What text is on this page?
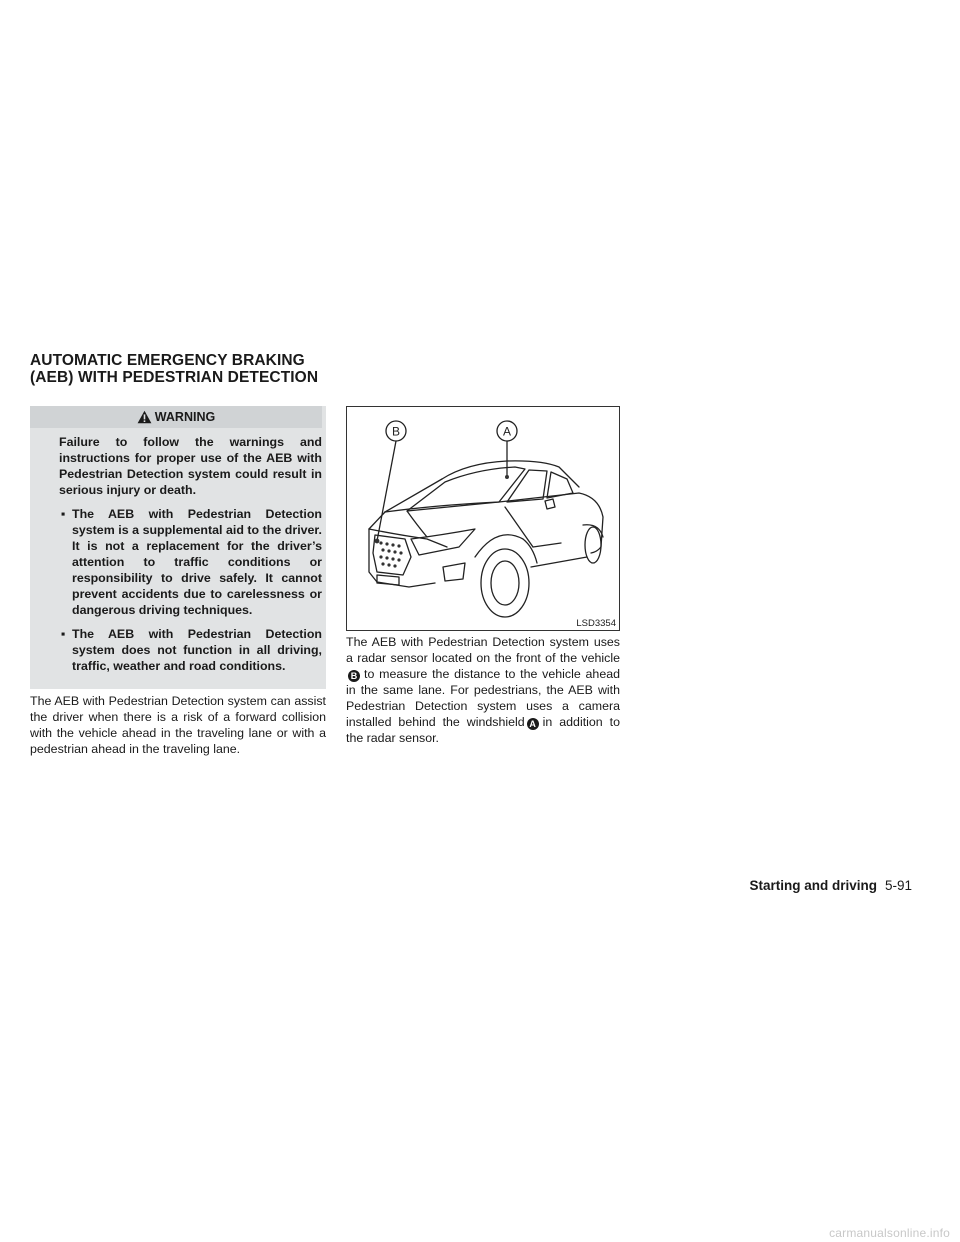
AUTOMATIC EMERGENCY BRAKING
(AEB) WITH PEDESTRIAN DETECTION
WARNING

Failure to follow the warnings and instructions for proper use of the AEB with Pedestrian Detection system could result in serious injury or death.

▪ The AEB with Pedestrian Detection system is a supplemental aid to the driver. It is not a replacement for the driver’s attention to traffic conditions or responsibility to drive safely. It cannot prevent accidents due to carelessness or dangerous driving techniques.
▪ The AEB with Pedestrian Detection system does not function in all driving, traffic, weather and road conditions.

The AEB with Pedestrian Detection system can assist the driver when there is a risk of a forward collision with the vehicle ahead in the traveling lane or with a pedestrian ahead in the traveling lane.

B	A
LSD3354

The AEB with Pedestrian Detection system uses a radar sensor located on the front of the vehicleB to measure the distance to the vehicle ahead in the same lane. For pedestrians, the AEB with Pedestrian Detection system uses a camera installed behind the windshield A in addition to the radar sensor.

Starting and driving 5-91
carmanualsonline.info
